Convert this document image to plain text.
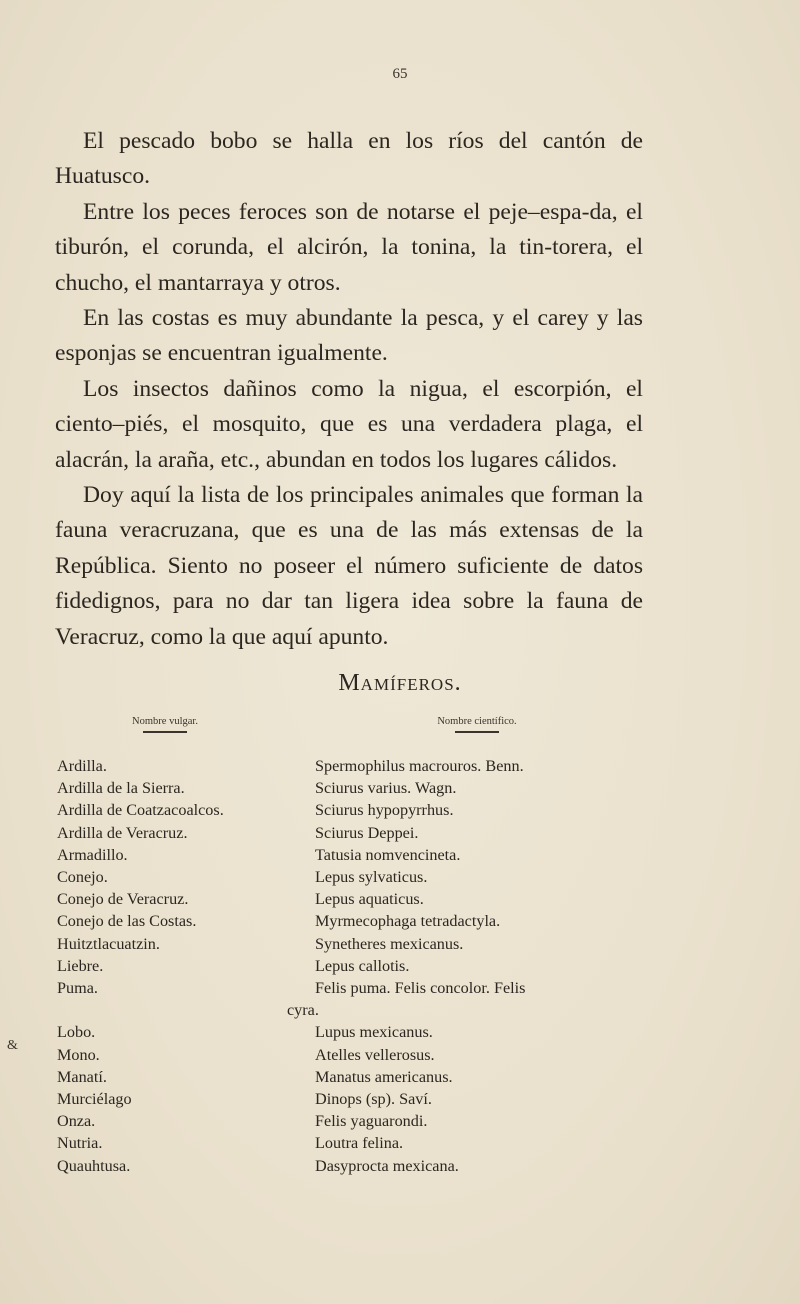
65

El pescado bobo se halla en los ríos del cantón de Huatusco.

Entre los peces feroces son de notarse el peje–espa-da, el tiburón, el corunda, el alcirón, la tonina, la tin-torera, el chucho, el mantarraya y otros.

En las costas es muy abundante la pesca, y el carey y las esponjas se encuentran igualmente.

Los insectos dañinos como la nigua, el escorpión, el ciento–piés, el mosquito, que es una verdadera plaga, el alacrán, la araña, etc., abundan en todos los lugares cálidos.

Doy aquí la lista de los principales animales que forman la fauna veracruzana, que es una de las más extensas de la República. Siento no poseer el número suficiente de datos fidedignos, para no dar tan ligera idea sobre la fauna de Veracruz, como la que aquí apunto.

Mamíferos.
Nombre vulgar.	Nombre científico.
Ardilla.	Spermophilus macrouros. Benn.
Ardilla de la Sierra.	Sciurus varius. Wagn.
Ardilla de Coatzacoalcos.	Sciurus hypopyrrhus.
Ardilla de Veracruz.	Sciurus Deppei.
Armadillo.	Tatusia nomvencineta.
Conejo.	Lepus sylvaticus.
Conejo de Veracruz.	Lepus aquaticus.
Conejo de las Costas.	Myrmecophaga tetradactyla.
Huitztlacuatzin.	Synetheres mexicanus.
Liebre.	Lepus callotis.
Puma.	Felis puma. Felis concolor. Felis
cyra.
Lobo.	Lupus mexicanus.
Mono.	Atelles vellerosus.
Manatí.	Manatus americanus.
Murciélago	Dinops (sp). Saví.
Onza.	Felis yaguarondi.
Nutria.	Loutra felina.
Quauhtusa.	Dasyprocta mexicana.
&
